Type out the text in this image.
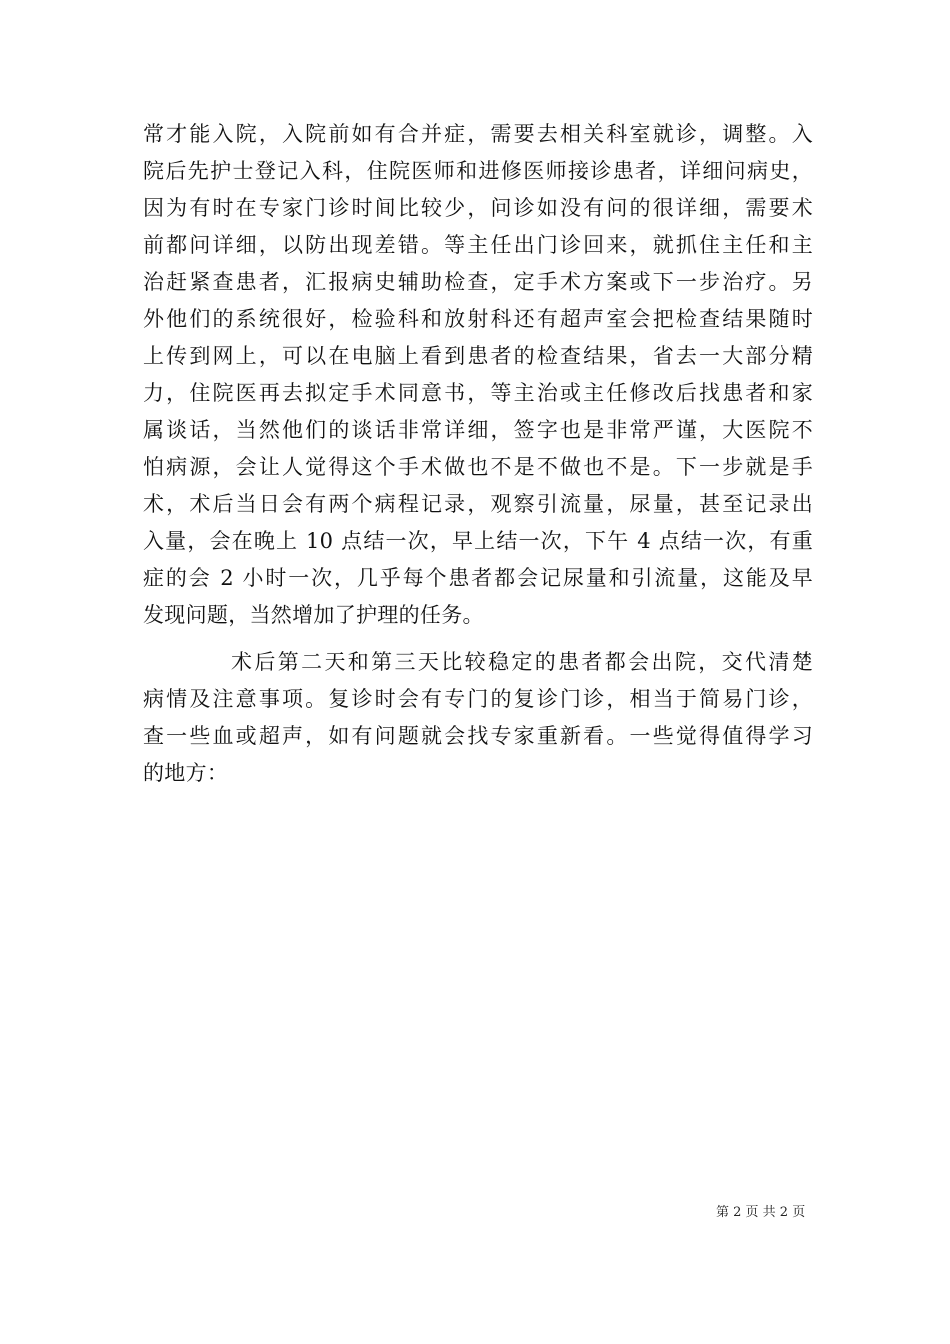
常才能入院，入院前如有合并症，需要去相关科室就诊，调整。入
院后先护士登记入科，住院医师和进修医师接诊患者，详细问病史，
因为有时在专家门诊时间比较少，问诊如没有问的很详细，需要术
前都问详细，以防出现差错。等主任出门诊回来，就抓住主任和主
治赶紧查患者，汇报病史辅助检查，定手术方案或下一步治疗。另
外他们的系统很好，检验科和放射科还有超声室会把检查结果随时
上传到网上，可以在电脑上看到患者的检查结果，省去一大部分精
力，住院医再去拟定手术同意书，等主治或主任修改后找患者和家
属谈话，当然他们的谈话非常详细，签字也是非常严谨，大医院不
怕病源，会让人觉得这个手术做也不是不做也不是。下一步就是手
术，术后当日会有两个病程记录，观察引流量，尿量，甚至记录出
入量，会在晚上 10 点结一次，早上结一次，下午 4 点结一次，有重
症的会 2 小时一次，几乎每个患者都会记尿量和引流量，这能及早
发现问题，当然增加了护理的任务。
术后第二天和第三天比较稳定的患者都会出院，交代清楚
病情及注意事项。复诊时会有专门的复诊门诊，相当于简易门诊，
查一些血或超声，如有问题就会找专家重新看。一些觉得值得学习
的地方：
第 2 页 共 2 页
